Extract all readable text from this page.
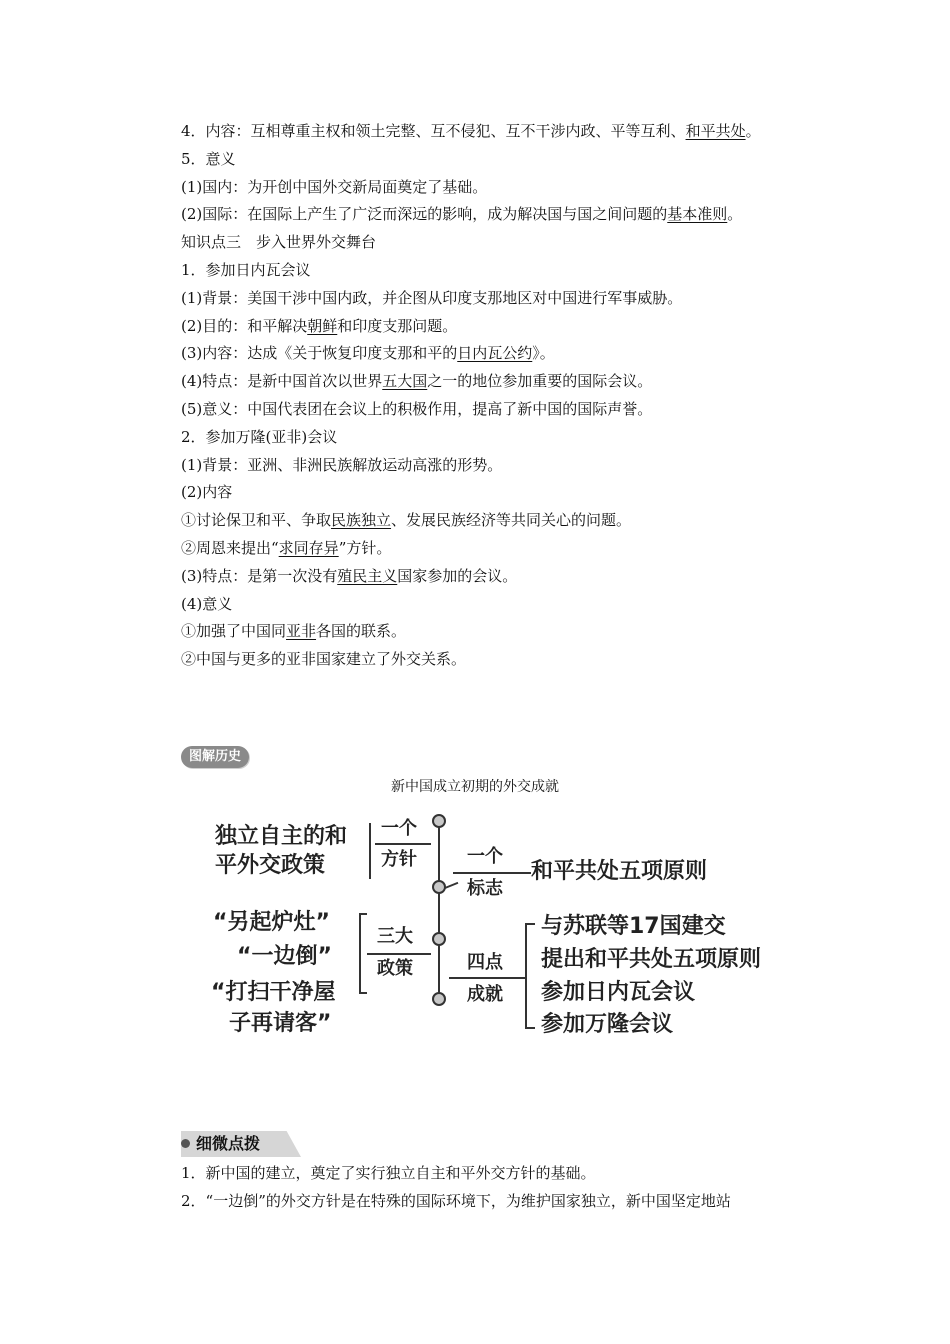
4．内容：互相尊重主权和领土完整、互不侵犯、互不干涉内政、平等互利、和平共处。
5．意义
(1)国内：为开创中国外交新局面奠定了基础。
(2)国际：在国际上产生了广泛而深远的影响，成为解决国与国之间问题的基本准则。
知识点三　步入世界外交舞台
1．参加日内瓦会议
(1)背景：美国干涉中国内政，并企图从印度支那地区对中国进行军事威胁。
(2)目的：和平解决朝鲜和印度支那问题。
(3)内容：达成《关于恢复印度支那和平的日内瓦公约》。
(4)特点：是新中国首次以世界五大国之一的地位参加重要的国际会议。
(5)意义：中国代表团在会议上的积极作用，提高了新中国的国际声誉。
2．参加万隆(亚非)会议
(1)背景：亚洲、非洲民族解放运动高涨的形势。
(2)内容
①讨论保卫和平、争取民族独立、发展民族经济等共同关心的问题。
②周恩来提出“求同存异”方针。
(3)特点：是第一次没有殖民主义国家参加的会议。
(4)意义
①加强了中国同亚非各国的联系。
②中国与更多的亚非国家建立了外交关系。
图解历史
新中国成立初期的外交成就
独立自主的和
平外交政策
一个
方针	一个
标志
和平共处五项原则
“另起炉灶”
“一边倒”
“打扫干净屋
子再请客”
三大
政策	四点
成就
与苏联等17国建交
提出和平共处五项原则
参加日内瓦会议
参加万隆会议
细微点拨
1．新中国的建立，奠定了实行独立自主和平外交方针的基础。
2．“一边倒”的外交方针是在特殊的国际环境下，为维护国家独立，新中国坚定地站
